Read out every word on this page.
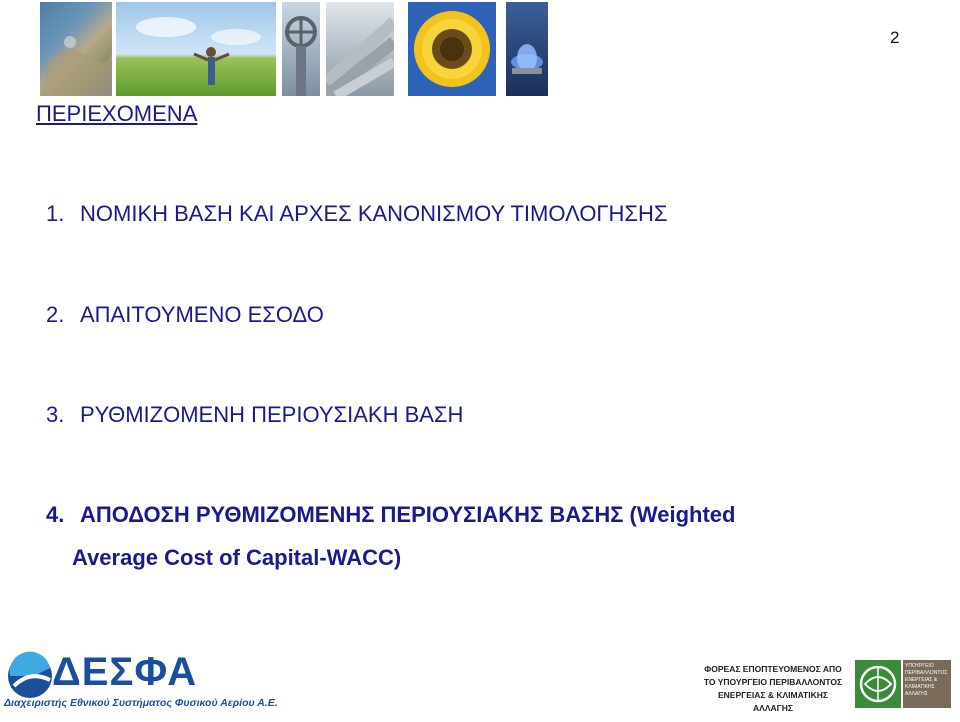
2
ΠΕΡΙΕΧΟΜΕΝΑ
1. ΝΟΜΙΚΗ ΒΑΣΗ ΚΑΙ ΑΡΧΕΣ ΚΑΝΟΝΙΣΜΟΥ ΤΙΜΟΛΟΓΗΣΗΣ
2. ΑΠΑΙΤΟΥΜΕΝΟ ΕΣΟΔΟ
3. ΡΥΘΜΙΖΟΜΕΝΗ ΠΕΡΙΟΥΣΙΑΚΗ ΒΑΣΗ
4. ΑΠΟΔΟΣΗ ΡΥΘΜΙΖΟΜΕΝΗΣ ΠΕΡΙΟΥΣΙΑΚΗΣ ΒΑΣΗΣ (Weighted
Average Cost of Capital-WACC)
ΔΕΣΦΑ
Διαχειριστής Εθνικού Συστήματος Φυσικού Αερίου Α.Ε.
ΦΟΡΕΑΣ ΕΠΟΠΤΕΥΟΜΕΝΟΣ ΑΠΟ
ΤΟ ΥΠΟΥΡΓΕΙΟ ΠΕΡΙΒΑΛΛΟΝΤΟΣ
ΕΝΕΡΓΕΙΑΣ & ΚΛΙΜΑΤΙΚΗΣ ΑΛΛΑΓΗΣ
ΥΠΟΥΡΓΕΙΟ ΠΕΡΙΒΑΛΛΟΝΤΟΣ ΕΝΕΡΓΕΙΑΣ & ΚΛΙΜΑΤΙΚΗΣ ΑΛΛΑΓΗΣ
